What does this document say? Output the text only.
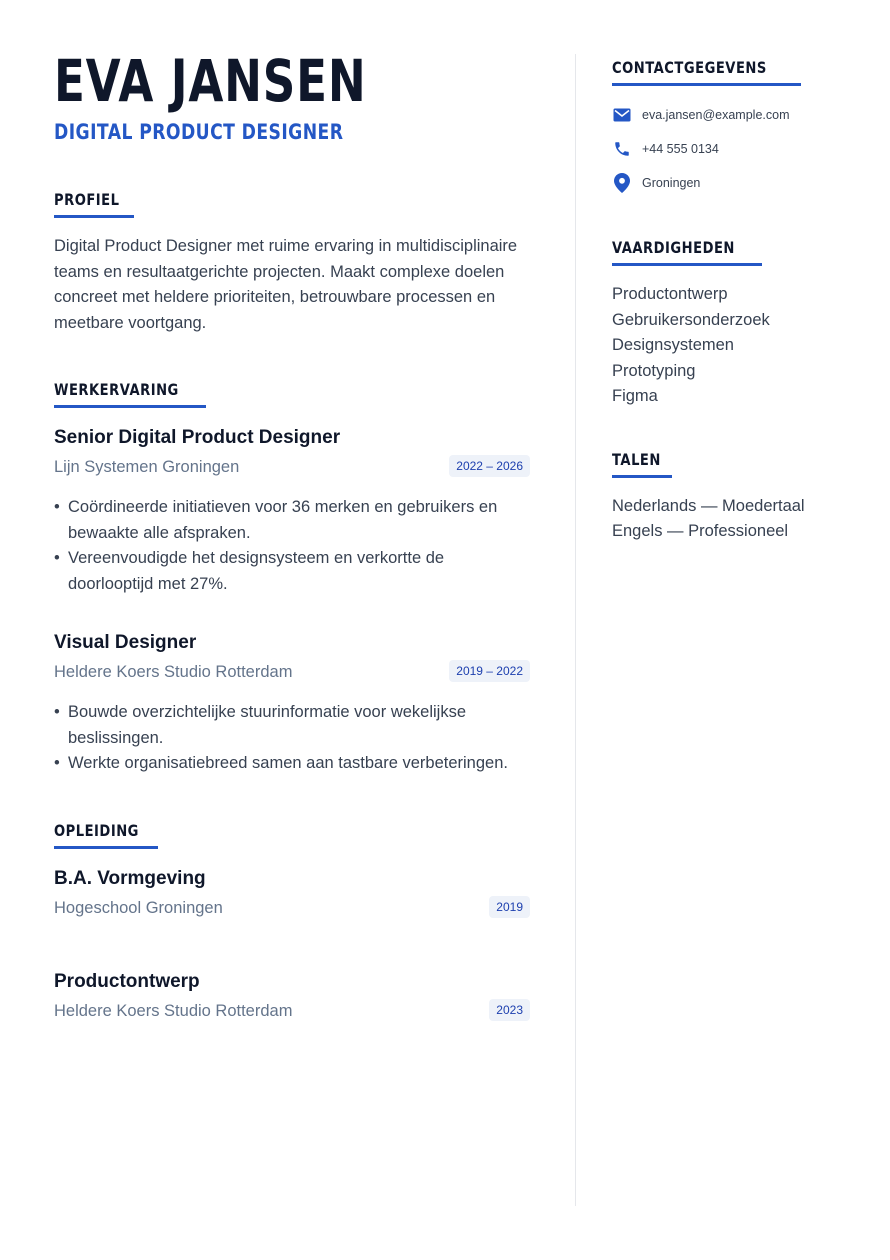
EVA JANSEN
DIGITAL PRODUCT DESIGNER
PROFIEL
Digital Product Designer met ruime ervaring in multidisciplinaire teams en resultaatgerichte projecten. Maakt complexe doelen concreet met heldere prioriteiten, betrouwbare processen en meetbare voortgang.
WERKERVARING
Senior Digital Product Designer
Lijn Systemen Groningen	2022 – 2026
• Coördineerde initiatieven voor 36 merken en gebruikers en bewaakte alle afspraken.
• Vereenvoudigde het designsysteem en verkortte de doorlooptijd met 27%.
Visual Designer
Heldere Koers Studio Rotterdam	2019 – 2022
• Bouwde overzichtelijke stuurinformatie voor wekelijkse beslissingen.
• Werkte organisatiebreed samen aan tastbare verbeteringen.
OPLEIDING
B.A. Vormgeving
Hogeschool Groningen	2019
Productontwerp
Heldere Koers Studio Rotterdam	2023
CONTACTGEGEVENS
eva.jansen@example.com
+44 555 0134
Groningen
VAARDIGHEDEN
Productontwerp
Gebruikersonderzoek
Designsystemen
Prototyping
Figma
TALEN
Nederlands — Moedertaal
Engels — Professioneel
